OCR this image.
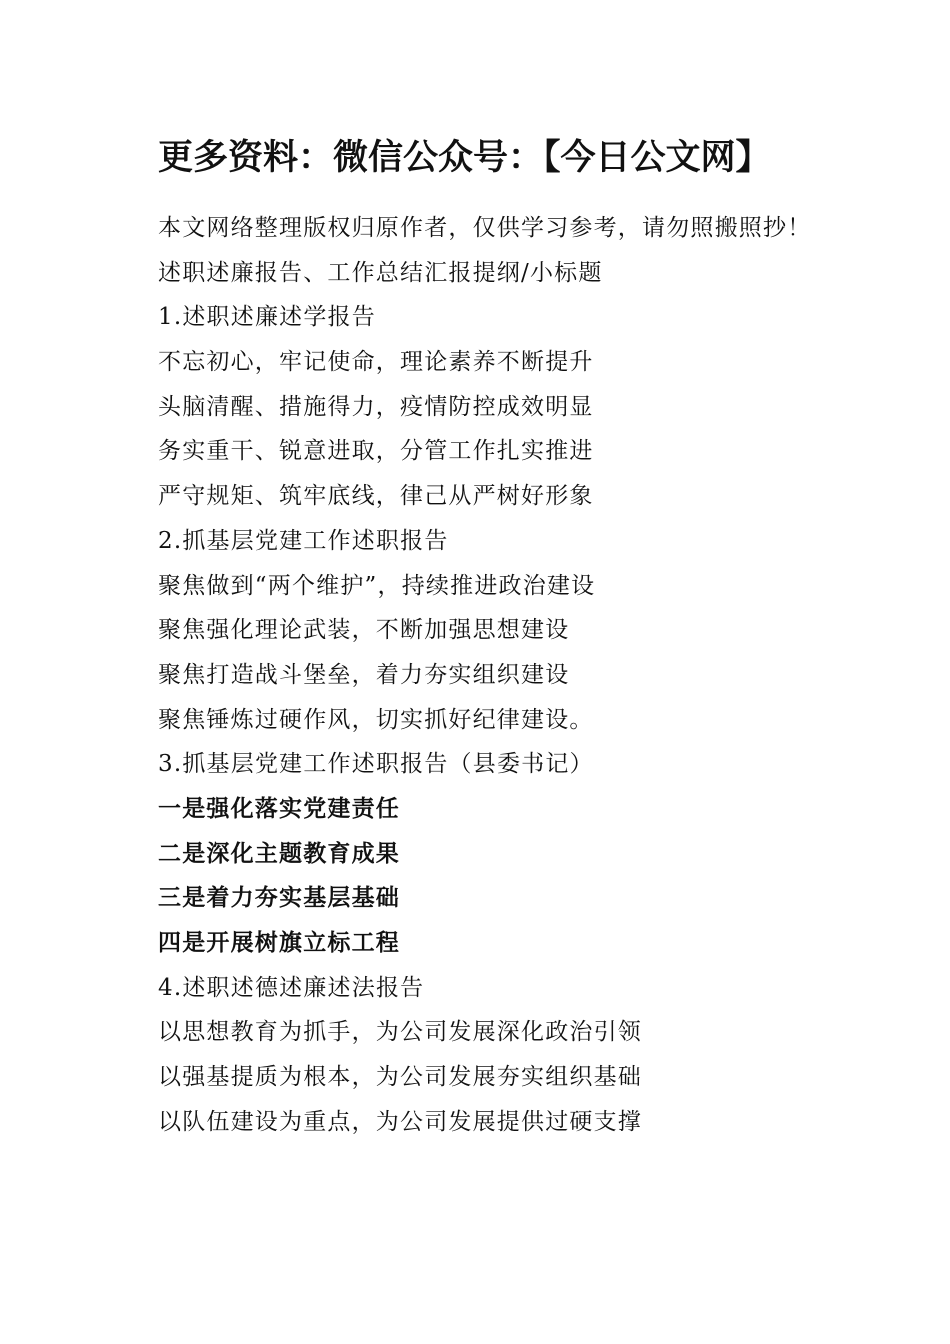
更多资料：微信公众号：【今日公文网】
本文网络整理版权归原作者，仅供学习参考，请勿照搬照抄！
述职述廉报告、工作总结汇报提纲/小标题
1.述职述廉述学报告
不忘初心，牢记使命，理论素养不断提升
头脑清醒、措施得力，疫情防控成效明显
务实重干、锐意进取，分管工作扎实推进
严守规矩、筑牢底线，律己从严树好形象
2.抓基层党建工作述职报告
聚焦做到“两个维护”，持续推进政治建设
聚焦强化理论武装，不断加强思想建设
聚焦打造战斗堡垒，着力夯实组织建设
聚焦锤炼过硬作风，切实抓好纪律建设。
3.抓基层党建工作述职报告（县委书记）
一是强化落实党建责任
二是深化主题教育成果
三是着力夯实基层基础
四是开展树旗立标工程
4.述职述德述廉述法报告
以思想教育为抓手，为公司发展深化政治引领
以强基提质为根本，为公司发展夯实组织基础
以队伍建设为重点，为公司发展提供过硬支撑
